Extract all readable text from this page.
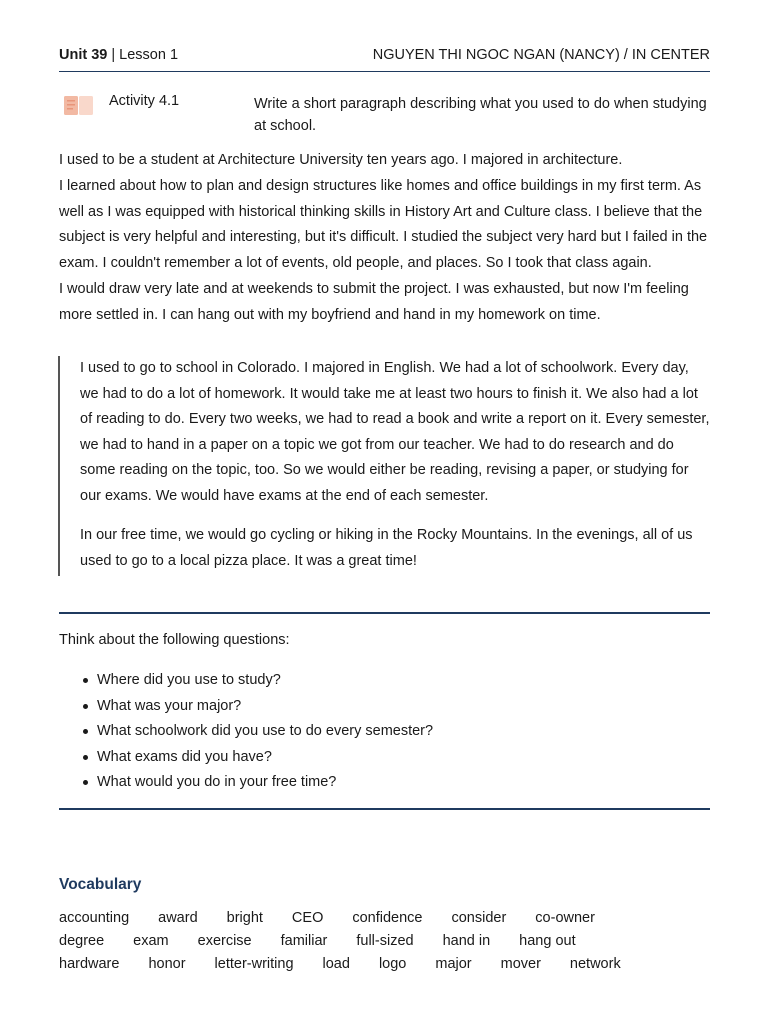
Unit 39 | Lesson 1	NGUYEN THI NGOC NGAN (NANCY) / IN CENTER
Activity 4.1	Write a short paragraph describing what you used to do when studying at school.
I used to be a student at Architecture University ten years ago. I majored in architecture.
I learned about how to plan and design structures like homes and office buildings in my first term. As
well as I was equipped with historical thinking skills in History Art and Culture class. I believe that the
subject is very helpful and interesting, but it's difficult. I studied the subject very hard but I failed in the
exam. I couldn't remember a lot of events, old people, and places. So I took that class again.
I would draw very late and at weekends to submit the project. I was exhausted, but now I'm feeling
more settled in. I can hang out with my boyfriend and hand in my homework on time.

I used to go to school in Colorado. I majored in English. We had a lot of schoolwork. Every day, we had to do a lot of homework. It would take me at least two hours to finish it. We also had a lot of reading to do. Every two weeks, we had to read a book and write a report on it. Every semester, we had to hand in a paper on a topic we got from our teacher. We had to do research and do some reading on the topic, too. So we would either be reading, revising a paper, or studying for our exams. We would have exams at the end of each semester.

In our free time, we would go cycling or hiking in the Rocky Mountains. In the evenings, all of us used to go to a local pizza place. It was a great time!

Think about the following questions:
Where did you use to study?
What was your major?
What schoolwork did you use to do every semester?
What exams did you have?
What would you do in your free time?
Vocabulary
accounting award bright CEO confidence consider co-owner
degree exam exercise familiar full-sized hand in hang out
hardware honor letter-writing load logo major mover network
